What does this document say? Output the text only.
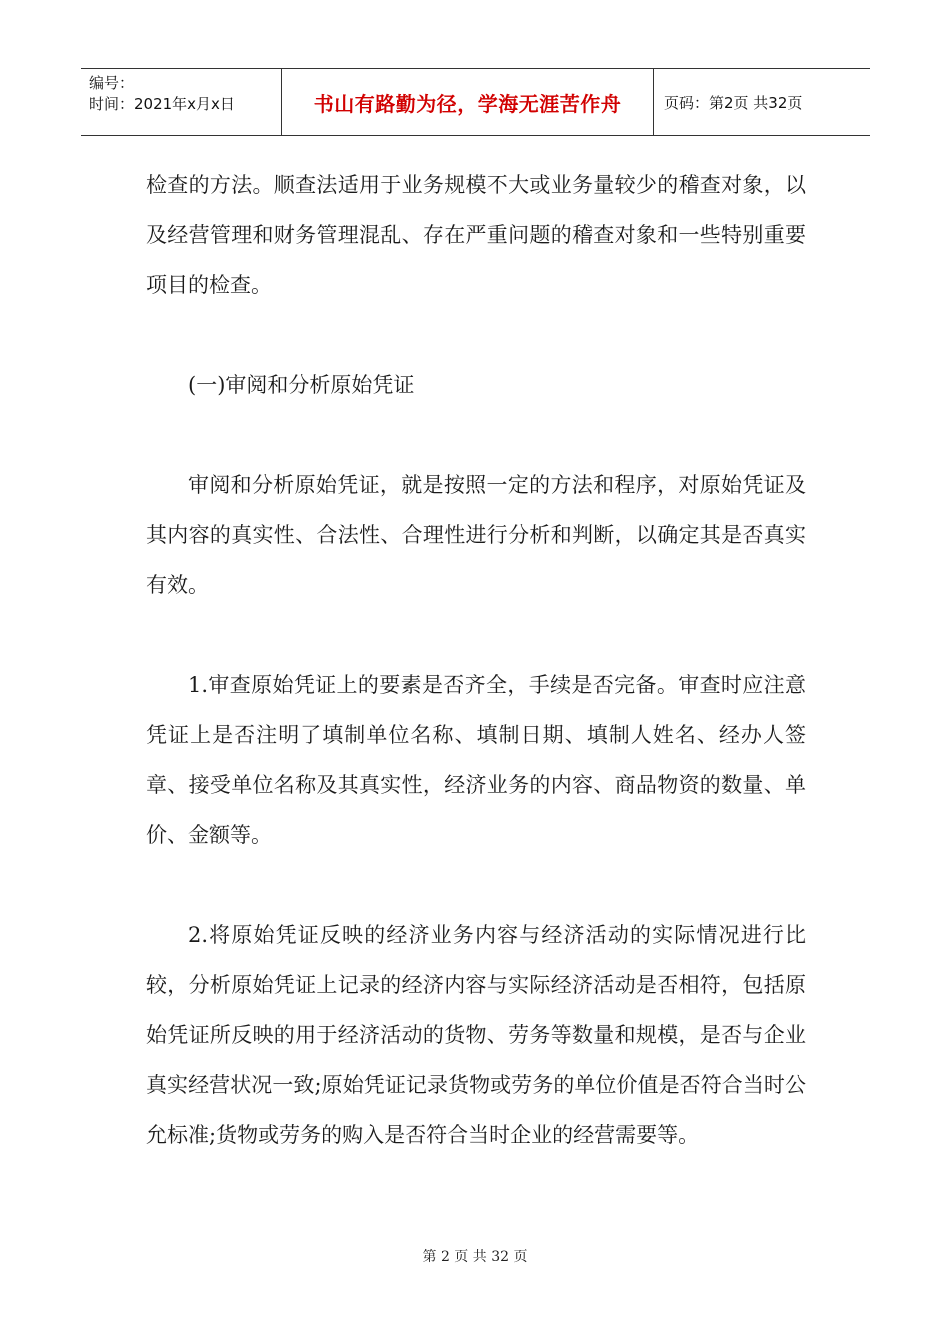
编号：
时间：2021年x月x日	书山有路勤为径，学海无涯苦作舟	页码：第2页 共32页

检查的方法。顺查法适用于业务规模不大或业务量较少的稽查对象，以及经营管理和财务管理混乱、存在严重问题的稽查对象和一些特别重要项目的检查。

(一)审阅和分析原始凭证

审阅和分析原始凭证，就是按照一定的方法和程序，对原始凭证及其内容的真实性、合法性、合理性进行分析和判断，以确定其是否真实有效。

1.审查原始凭证上的要素是否齐全，手续是否完备。审查时应注意凭证上是否注明了填制单位名称、填制日期、填制人姓名、经办人签章、接受单位名称及其真实性，经济业务的内容、商品物资的数量、单价、金额等。

2.将原始凭证反映的经济业务内容与经济活动的实际情况进行比较，分析原始凭证上记录的经济内容与实际经济活动是否相符，包括原始凭证所反映的用于经济活动的货物、劳务等数量和规模，是否与企业真实经营状况一致;原始凭证记录货物或劳务的单位价值是否符合当时公允标准;货物或劳务的购入是否符合当时企业的经营需要等。

第 2 页 共 32 页
